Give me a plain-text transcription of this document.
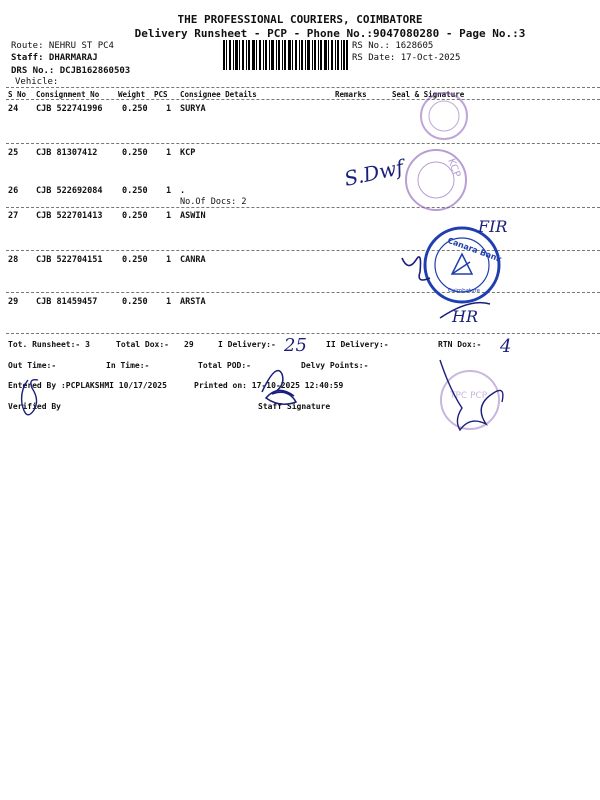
THE PROFESSIONAL COURIERS, COIMBATORE
Delivery Runsheet - PCP - Phone No.:9047080280 - Page No.:3
Route: NEHRU ST PC4
Staff: DHARMARAJ
DRS No.: DCJB162860503
Vehicle:
RS No.: 1628605
RS Date: 17-Oct-2025
S No Consignment No	Weight PCS Consignee Details	Remarks	Seal & Signature
24 CJB 522741996 0.250 1 SURYA
25 CJB 81307412	0.250 1 KCP
26 CJB 522692084 0.250 1 .
No.Of Docs: 2
27 CJB 522701413 0.250 1 ASWIN
28 CJB 522704151 0.250 1 CANRA
29 CJB 81459457	0.250 1 ARSTA
Tot. Runsheet:- 3	Total Dox:- 29	I Delivery:-	II Delivery:-	RTN Dox:-
Out Time:-	In Time:-	Total POD:-	Delvy Points:-
Entered By :PCPLAKSHMI 10/17/2025	Printed on: 17-10-2025 12:40:59
Verified By	Staff Signature
KCP
Canara Bank
Coimbatore
TPC PCP
S.Dwf
FIR
HR
25	4
